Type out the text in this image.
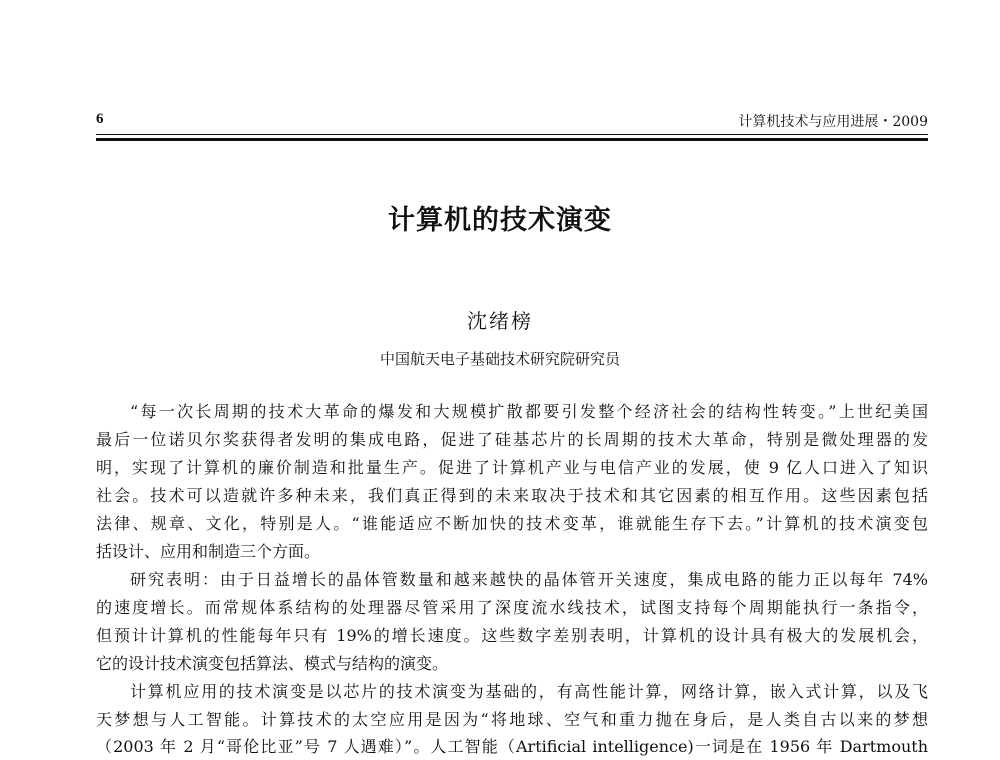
6	计算机技术与应用进展・2009
计算机的技术演变
沈绪榜
中国航天电子基础技术研究院研究员
“每一次长周期的技术大革命的爆发和大规模扩散都要引发整个经济社会的结构性转变。”上世纪美国
最后一位诺贝尔奖获得者发明的集成电路，促进了硅基芯片的长周期的技术大革命，特别是微处理器的发
明，实现了计算机的廉价制造和批量生产。促进了计算机产业与电信产业的发展，使 9 亿人口进入了知识
社会。技术可以造就许多种未来，我们真正得到的未来取决于技术和其它因素的相互作用。这些因素包括
法律、规章、文化，特别是人。“谁能适应不断加快的技术变革，谁就能生存下去。”计算机的技术演变包
括设计、应用和制造三个方面。
研究表明：由于日益增长的晶体管数量和越来越快的晶体管开关速度，集成电路的能力正以每年 74%
的速度增长。而常规体系结构的处理器尽管采用了深度流水线技术，试图支持每个周期能执行一条指令，
但预计计算机的性能每年只有 19%的增长速度。这些数字差别表明，计算机的设计具有极大的发展机会，
它的设计技术演变包括算法、模式与结构的演变。
计算机应用的技术演变是以芯片的技术演变为基础的，有高性能计算，网络计算，嵌入式计算，以及飞
天梦想与人工智能。计算技术的太空应用是因为“将地球、空气和重力抛在身后，是人类自古以来的梦想
（2003 年 2 月“哥伦比亚”号 7 人遇难）”。人工智能（Artificial intelligence)一词是在 1956 年 Dartmouth
